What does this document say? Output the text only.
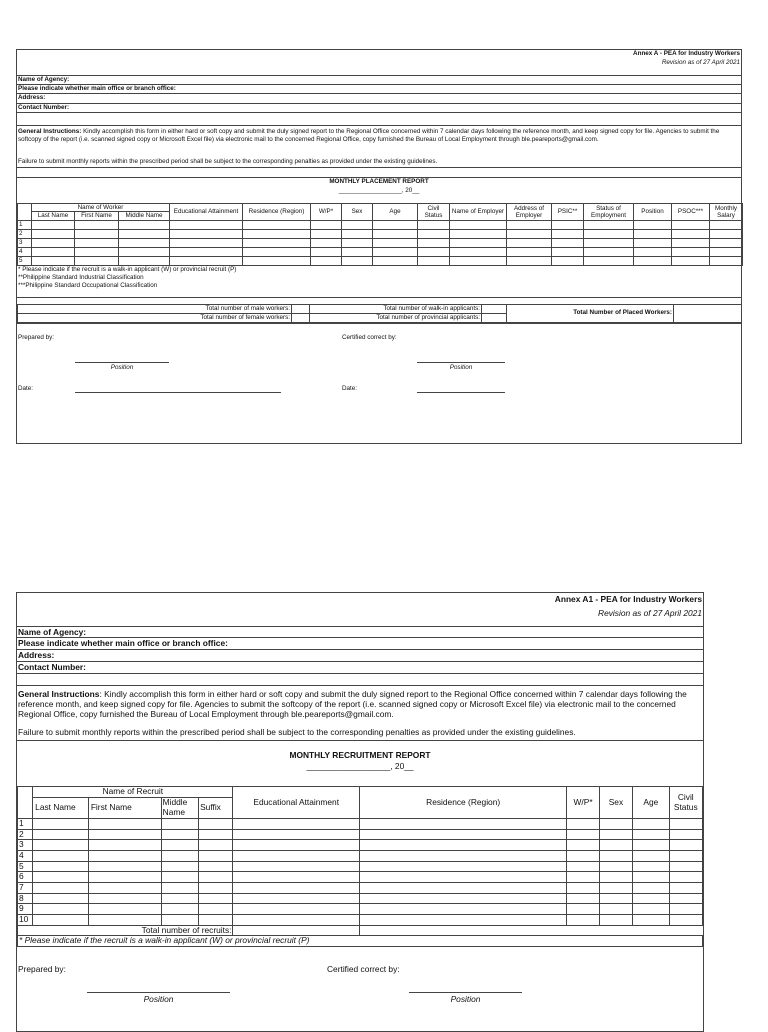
Annex A - PEA for Industry Workers
Revision as of 27 April 2021
Name of Agency:
Please indicate whether main office or branch office:
Address:
Contact Number:
General Instructions: Kindly accomplish this form in either hard or soft copy and submit the duly signed report to the Regional Office concerned within 7 calendar days following the reference month, and keep signed copy for file. Agencies to submit the softcopy of the report (i.e. scanned signed copy or Microsoft Excel file) via electronic mail to the concerned Regional Office, copy furnished the Bureau of Local Employment through ble.peareports@gmail.com.
Failure to submit monthly reports within the prescribed period shall be subject to the corresponding penalties as provided under the existing guidelines.
MONTHLY PLACEMENT REPORT
__________________, 20__
	Name of Worker			Educational Attainment	Residence (Region)	W/P*	Sex	Age	Civil Status	Name of Employer	Address of Employer	PSIC**	Status of Employment	Position	PSOC***	Monthly Salary
	Last Name	First Name	Middle Name													
1																
2																
3																
4																
5																
* Please indicate if the recruit is a walk-in applicant (W) or provincial recruit (P)
**Philippine Standard Industrial Classification
***Philippine Standard Occupational Classification
Total number of male workers:		Total number of walk-in applicants:		Total Number of Placed Workers:	
Total number of female workers:		Total number of provincial applicants:			
Prepared by:	Certified correct by:
Position	Position
Date:	Date:
Annex A1 - PEA for Industry Workers
Revision as of 27 April 2021
Name of Agency:
Please indicate whether main office or branch office:
Address:
Contact Number:
General Instructions: Kindly accomplish this form in either hard or soft copy and submit the duly signed report to the Regional Office concerned within 7 calendar days following the reference month, and keep signed copy for file. Agencies to submit the softcopy of the report (i.e. scanned signed copy or Microsoft Excel file) via electronic mail to the concerned Regional Office, copy furnished the Bureau of Local Employment through ble.peareports@gmail.com.
Failure to submit monthly reports within the prescribed period shall be subject to the corresponding penalties as provided under the existing guidelines.
MONTHLY RECRUITMENT REPORT
__________________, 20__
	Name of Recruit				Educational Attainment	Residence (Region)	W/P*	Sex	Age	Civil Status
	Last Name	First Name	Middle Name	Suffix						
1										
2										
3										
4										
5										
6										
7										
8										
9										
10										
Total number of recruits:										
* Please indicate if the recruit is a walk-in applicant (W) or provincial recruit (P)										
Prepared by:	Certified correct by:
Position	Position
